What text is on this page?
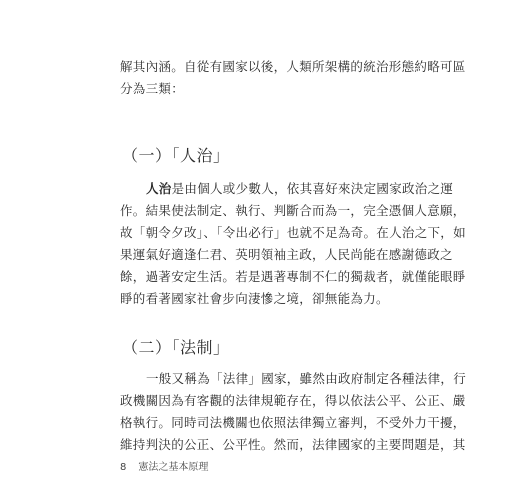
解其內涵。自從有國家以後，人類所架構的統治形態約略可區
分為三類：
（一）「人治」
人治是由個人或少數人，依其喜好來決定國家政治之運
作。結果使法制定、執行、判斷合而為一，完全憑個人意願，
故「朝令夕改」、「令出必行」也就不足為奇。在人治之下，如
果運氣好適逢仁君、英明領袖主政，人民尚能在感謝德政之
餘，過著安定生活。若是遇著專制不仁的獨裁者，就僅能眼睜
睜的看著國家社會步向淒慘之境，卻無能為力。
（二）「法制」
一般又稱為「法律」國家，雖然由政府制定各種法律，行
政機關因為有客觀的法律規範存在，得以依法公平、公正、嚴
格執行。同時司法機關也依照法律獨立審判，不受外力干擾，
維持判決的公正、公平性。然而，法律國家的主要問題是，其
8 憲法之基本原理
